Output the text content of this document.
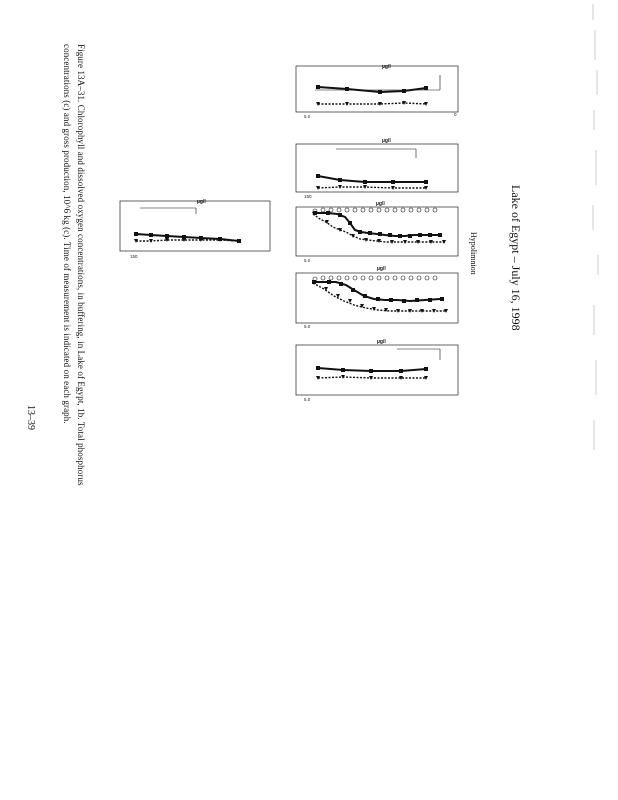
Lake of Egypt – July 16, 1998
Hypolimnion
Figure 13A–31. Chlorophyll and dissolved oxygen concentrations, in buffering, in Lake of Egypt, 1b. Total phosphorus
concentrations (c) and gross production, 10^6 kg (c). Time of measurement is indicated on each graph.
13–39
µg/l
5.0	0
µg/l
150
µg/l
5.0
µg/l
5.0
µg/l
5.0
µg/l
150
